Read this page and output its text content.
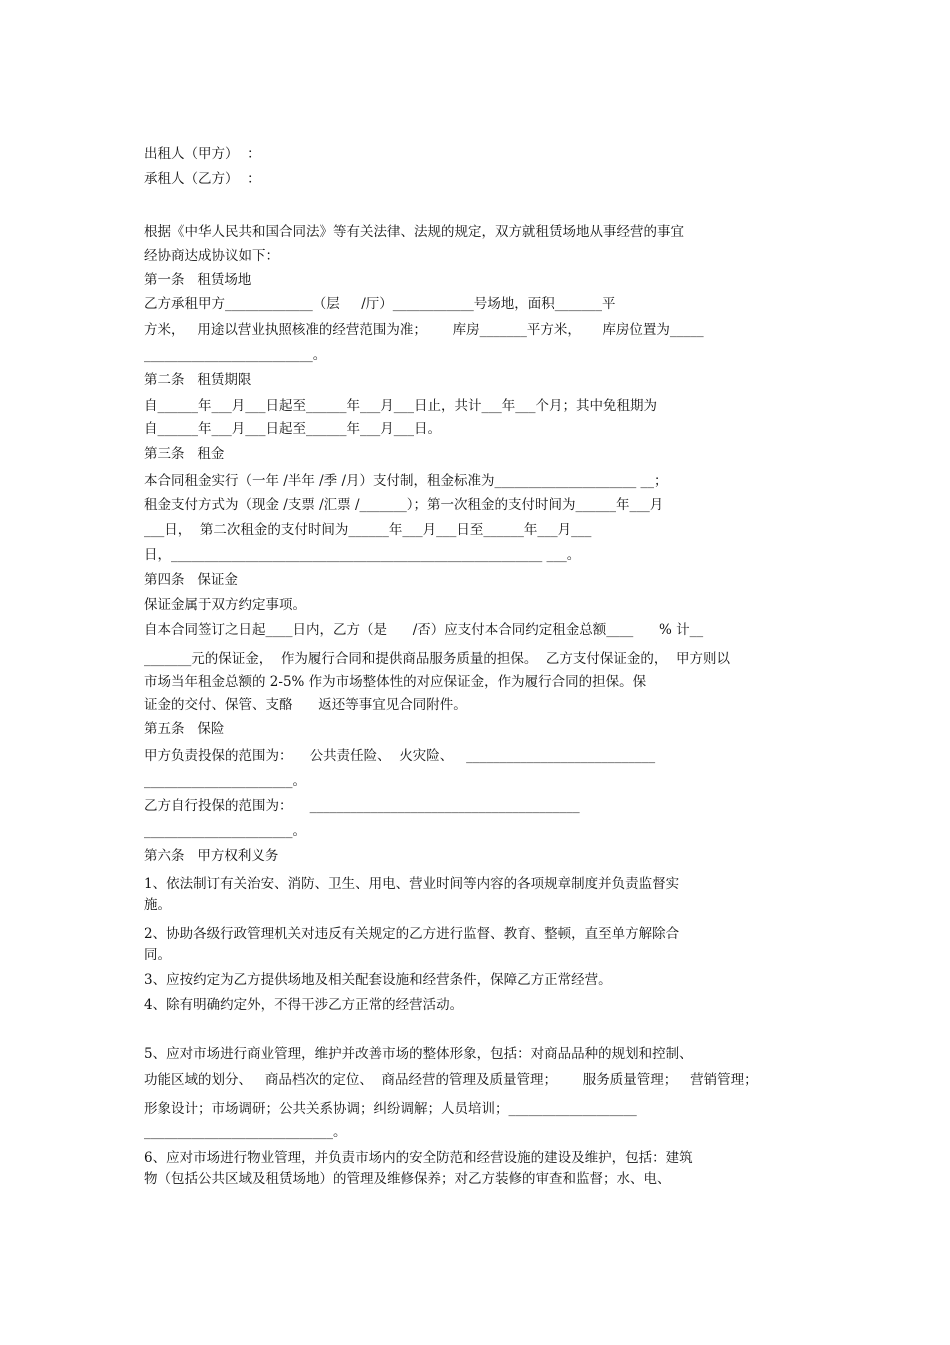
出租人（甲方）  ：
承租人（乙方）  ：
根据《中华人民共和国合同法》等有关法律、法规的规定，双方就租赁场地从事经营的事宜
经协商达成协议如下：
第一条   租赁场地
乙方承租甲方_____________（层     /厅）____________号场地，面积_______平
方米，   用途以营业执照核准的经营范围为准；      库房_______平方米，     库房位置为_____
_________________________。
第二条   租赁期限
自______年___月___日起至______年___月___日止，共计___年___个月；其中免租期为
自______年___月___日起至______年___月___日。
第三条   租金
本合同租金实行（一年 /半年 /季 /月）支付制，租金标准为_____________________ __；
租金支付方式为（现金 /支票 /汇票 /_______）；第一次租金的支付时间为______年___月
___日，  第二次租金的支付时间为______年___月___日至______年___月___
日，_______________________________________________________ ___。
第四条   保证金
保证金属于双方约定事项。
自本合同签订之日起____日内，乙方（是      /否）应支付本合同约定租金总额____      % 计__
_______元的保证金，  作为履行合同和提供商品服务质量的担保。  乙方支付保证金的，  甲方则以
市场当年租金总额的 2-5% 作为市场整体性的对应保证金，作为履行合同的担保。保
证金的交付、保管、支酪      返还等事宜见合同附件。
第五条   保险
甲方负责投保的范围为：    公共责任险、  火灾险、   ____________________________
______________________。
乙方自行投保的范围为：    ________________________________________
______________________。
第六条   甲方权利义务
1、依法制订有关治安、消防、卫生、用电、营业时间等内容的各项规章制度并负责监督实
施。
2、协助各级行政管理机关对违反有关规定的乙方进行监督、教育、整顿，直至单方解除合
同。
3、应按约定为乙方提供场地及相关配套设施和经营条件，保障乙方正常经营。
4、除有明确约定外，不得干涉乙方正常的经营活动。
5、应对市场进行商业管理，维护并改善市场的整体形象，包括：对商品品种的规划和控制、
功能区域的划分、   商品档次的定位、  商品经营的管理及质量管理；      服务质量管理；   营销管理；
形象设计；市场调研；公共关系协调；纠纷调解；人员培训；___________________
____________________________。
6、应对市场进行物业管理，并负责市场内的安全防范和经营设施的建设及维护，包括：建筑
物（包括公共区域及租赁场地）的管理及维修保养；对乙方装修的审查和监督；水、电、
